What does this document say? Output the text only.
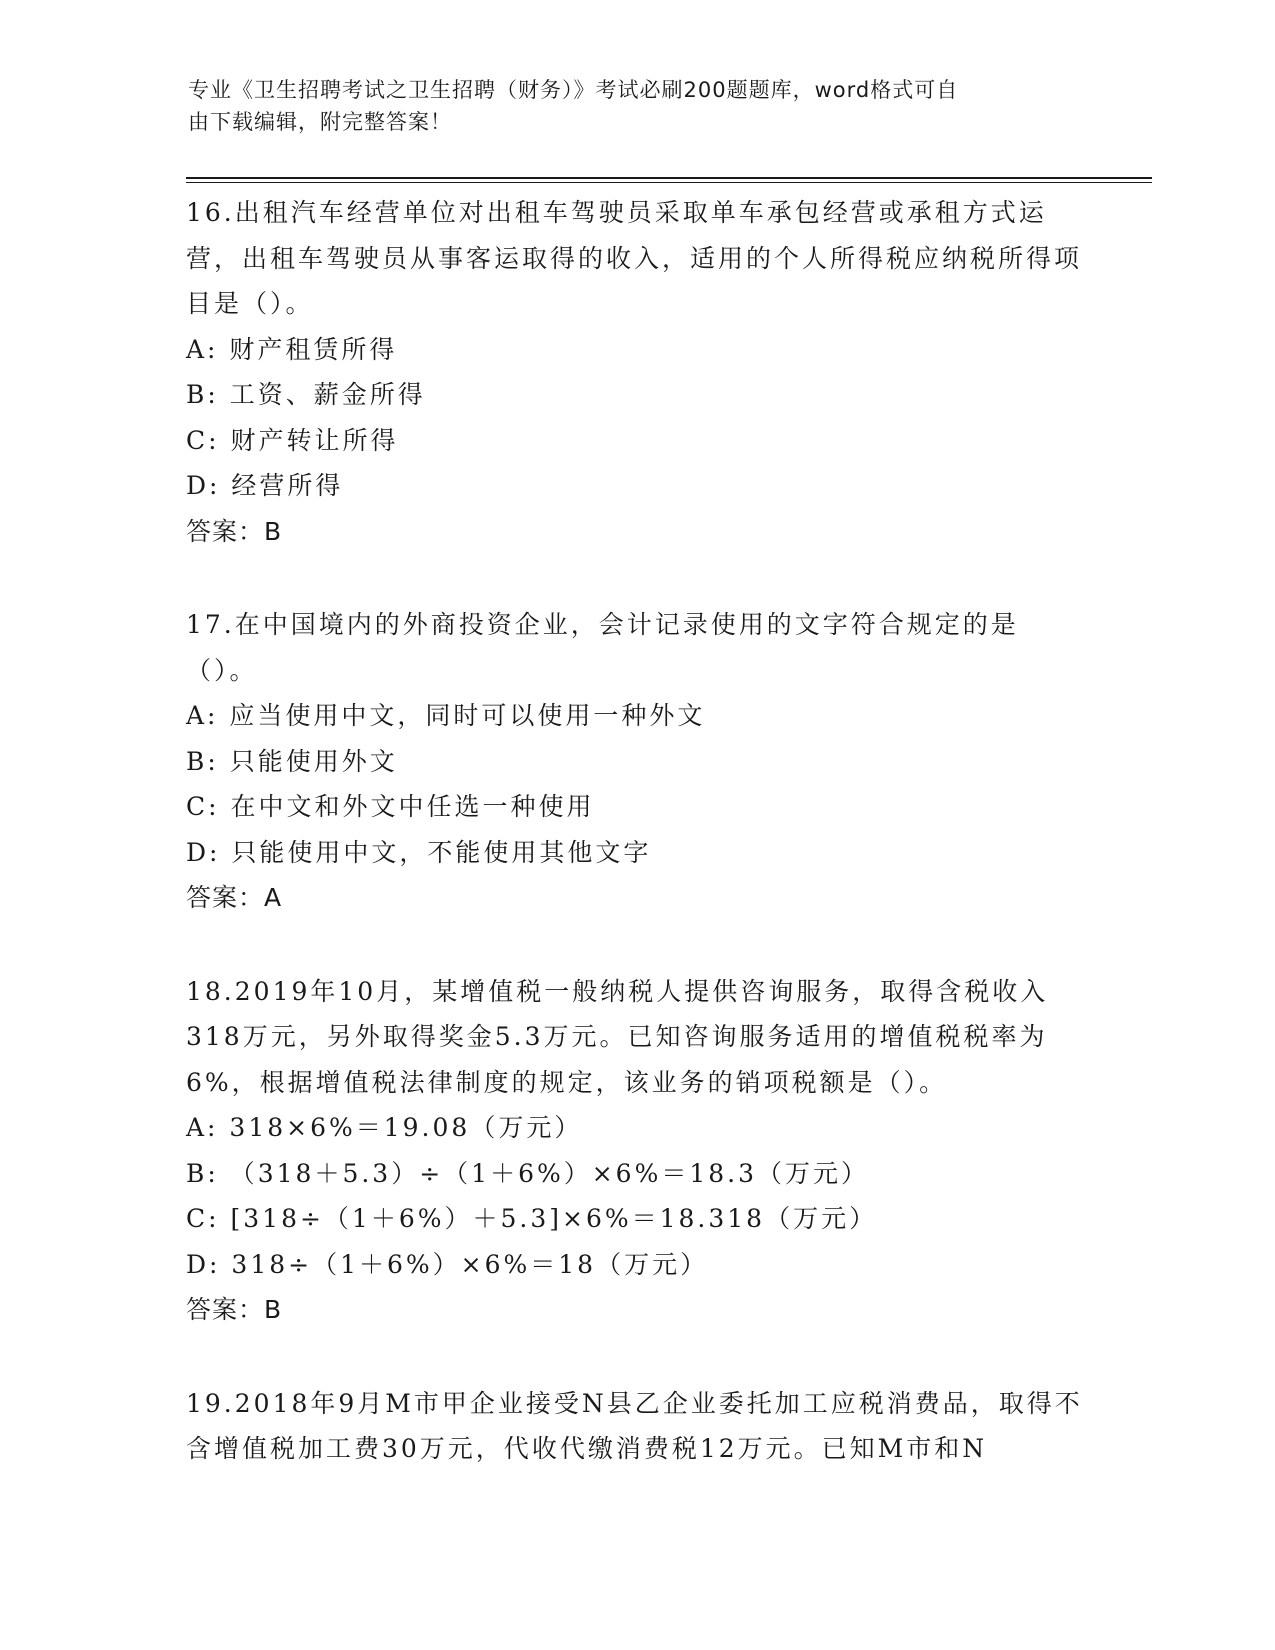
专业《卫生招聘考试之卫生招聘（财务）》考试必刷200题题库，word格式可自
由下载编辑，附完整答案！

16.出租汽车经营单位对出租车驾驶员采取单车承包经营或承租方式运营，出租车驾驶员从事客运取得的收入，适用的个人所得税应纳税所得项目是（）。

A: 财产租赁所得

B: 工资、薪金所得

C: 财产转让所得

D: 经营所得

答案：B

17.在中国境内的外商投资企业，会计记录使用的文字符合规定的是（）。

A: 应当使用中文，同时可以使用一种外文

B: 只能使用外文

C: 在中文和外文中任选一种使用

D: 只能使用中文，不能使用其他文字

答案：A

18.2019年10月，某增值税一般纳税人提供咨询服务，取得含税收入318万元，另外取得奖金5.3万元。已知咨询服务适用的增值税税率为6%，根据增值税法律制度的规定，该业务的销项税额是（）。

A: 318×6%＝19.08（万元）

B: （318＋5.3）÷（1＋6%）×6%＝18.3（万元）

C: [318÷（1＋6%）＋5.3]×6%＝18.318（万元）

D: 318÷（1＋6%）×6%＝18（万元）

答案：B

19.2018年9月M市甲企业接受N县乙企业委托加工应税消费品，取得不含增值税加工费30万元，代收代缴消费税12万元。已知M市和N
